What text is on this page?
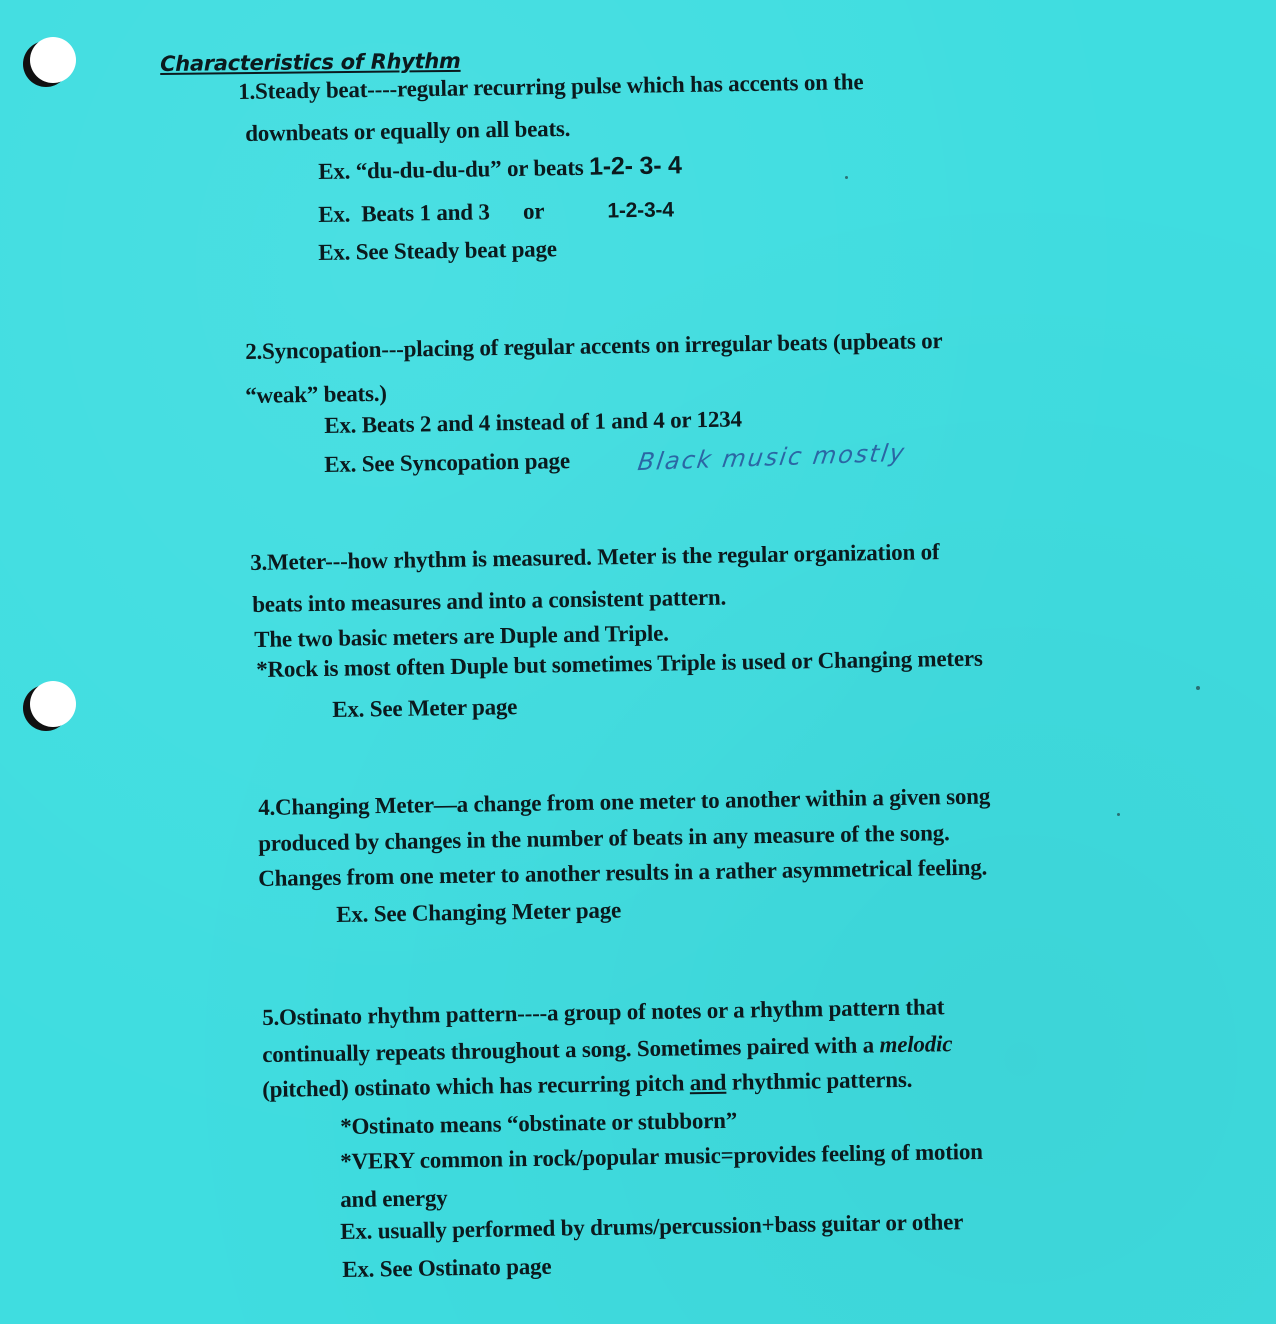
Characteristics of Rhythm
1.Steady beat----regular recurring pulse which has accents on the
downbeats or equally on all beats.
Ex. “du-du-du-du” or beats 1-2- 3- 4
Ex.  Beats 1 and 3      or	1-2-3-4
Ex. See Steady beat page
2.Syncopation---placing of regular accents on irregular beats (upbeats or
“weak” beats.)
Ex. Beats 2 and 4 instead of 1 and 4 or 1234
Ex. See Syncopation page	Black music mostly
3.Meter---how rhythm is measured. Meter is the regular organization of
beats into measures and into a consistent pattern.
The two basic meters are Duple and Triple.
*Rock is most often Duple but sometimes Triple is used or Changing meters
Ex. See Meter page
4.Changing Meter—a change from one meter to another within a given song
produced by changes in the number of beats in any measure of the song.
Changes from one meter to another results in a rather asymmetrical feeling.
Ex. See Changing Meter page
5.Ostinato rhythm pattern----a group of notes or a rhythm pattern that
continually repeats throughout a song. Sometimes paired with a melodic
(pitched) ostinato which has recurring pitch and rhythmic patterns.
*Ostinato means “obstinate or stubborn”
*VERY common in rock/popular music=provides feeling of motion
and energy
Ex. usually performed by drums/percussion+bass guitar or other
Ex. See Ostinato page
